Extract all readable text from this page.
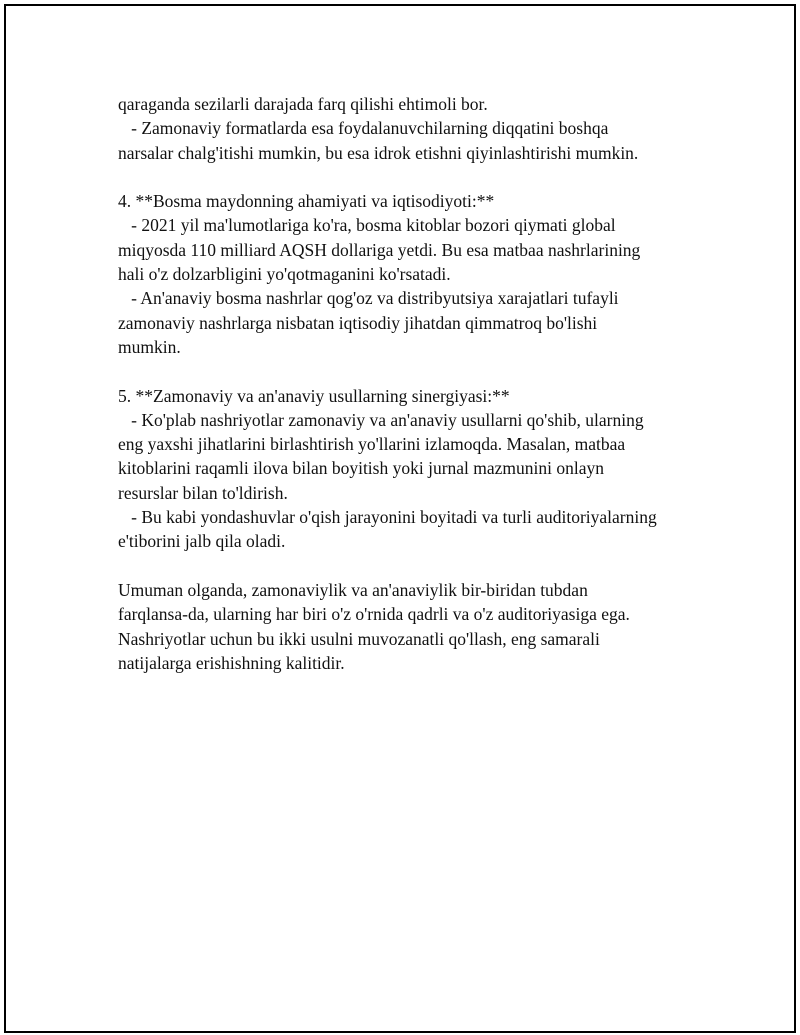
qaraganda sezilarli darajada farq qilishi ehtimoli bor.
- Zamonaviy formatlarda esa foydalanuvchilarning diqqatini boshqa
narsalar chalg'itishi mumkin, bu esa idrok etishni qiyinlashtirishi mumkin.
4. **Bosma maydonning ahamiyati va iqtisodiyoti:**
- 2021 yil ma'lumotlariga ko'ra, bosma kitoblar bozori qiymati global
miqyosda 110 milliard AQSH dollariga yetdi. Bu esa matbaa nashrlarining
hali o'z dolzarbligini yo'qotmaganini ko'rsatadi.
- An'anaviy bosma nashrlar qog'oz va distribyutsiya xarajatlari tufayli
zamonaviy nashrlarga nisbatan iqtisodiy jihatdan qimmatroq bo'lishi
mumkin.
5. **Zamonaviy va an'anaviy usullarning sinergiyasi:**
- Ko'plab nashriyotlar zamonaviy va an'anaviy usullarni qo'shib, ularning
eng yaxshi jihatlarini birlashtirish yo'llarini izlamoqda. Masalan, matbaa
kitoblarini raqamli ilova bilan boyitish yoki jurnal mazmunini onlayn
resurslar bilan to'ldirish.
- Bu kabi yondashuvlar o'qish jarayonini boyitadi va turli auditoriyalarning
e'tiborini jalb qila oladi.
Umuman olganda, zamonaviylik va an'anaviylik bir-biridan tubdan
farqlansa-da, ularning har biri o'z o'rnida qadrli va o'z auditoriyasiga ega.
Nashriyotlar uchun bu ikki usulni muvozanatli qo'llash, eng samarali
natijalarga erishishning kalitidir.
